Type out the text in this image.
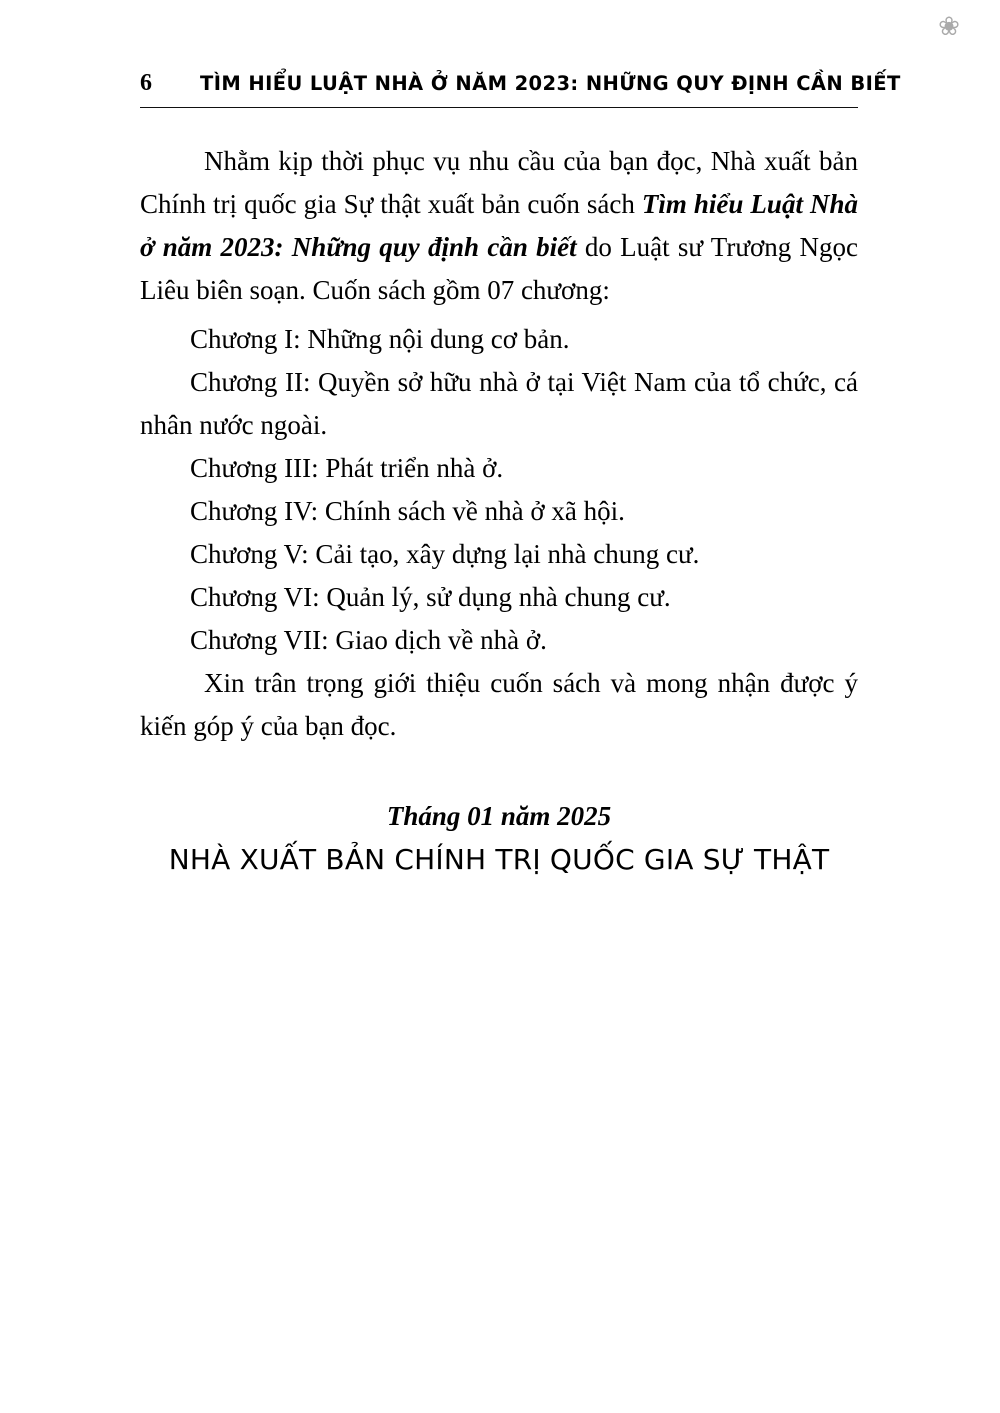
❀
6	TÌM HIỂU LUẬT NHÀ Ở NĂM 2023: NHỮNG QUY ĐỊNH CẦN BIẾT

Nhằm kịp thời phục vụ nhu cầu của bạn đọc, Nhà xuất bản Chính trị quốc gia Sự thật xuất bản cuốn sách Tìm hiểu Luật Nhà ở năm 2023: Những quy định cần biết do Luật sư Trương Ngọc Liêu biên soạn. Cuốn sách gồm 07 chương:

Chương I: Những nội dung cơ bản.

Chương II: Quyền sở hữu nhà ở tại Việt Nam của tổ chức, cá nhân nước ngoài.

Chương III: Phát triển nhà ở.

Chương IV: Chính sách về nhà ở xã hội.

Chương V: Cải tạo, xây dựng lại nhà chung cư.

Chương VI: Quản lý, sử dụng nhà chung cư.

Chương VII: Giao dịch về nhà ở.

Xin trân trọng giới thiệu cuốn sách và mong nhận được ý kiến góp ý của bạn đọc.

Tháng 01 năm 2025
NHÀ XUẤT BẢN CHÍNH TRỊ QUỐC GIA SỰ THẬT
